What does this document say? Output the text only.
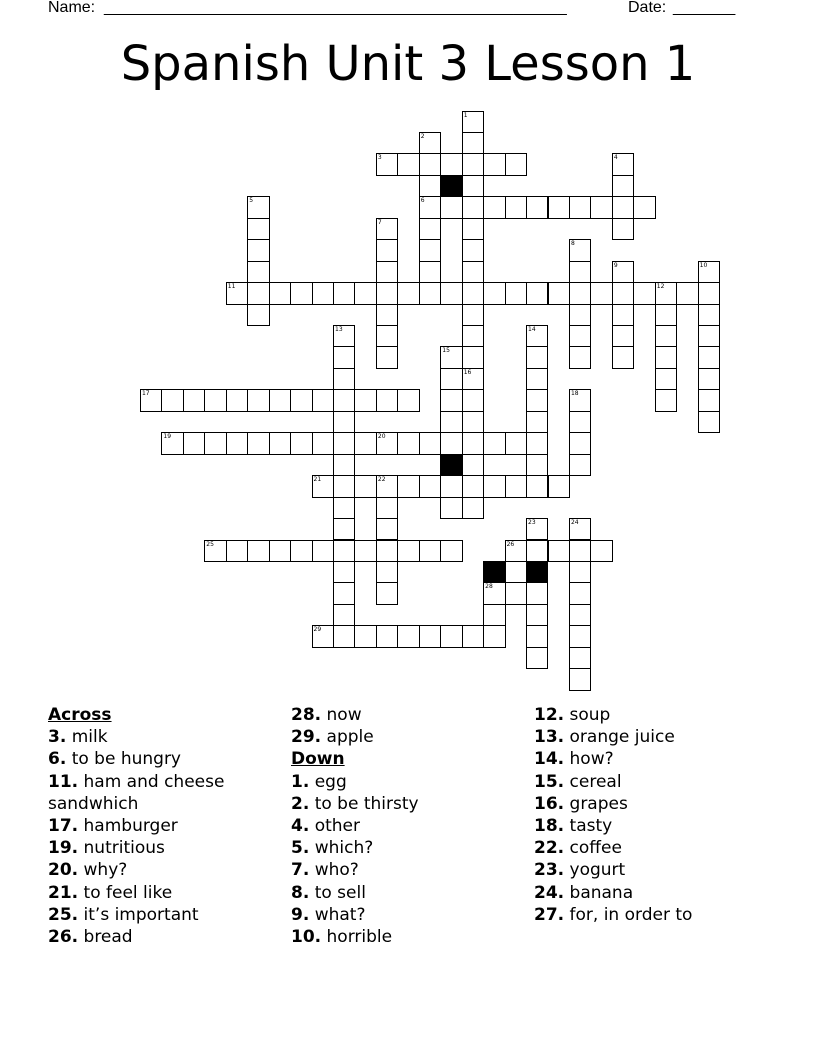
Name: ____________________________________________________	Date: _______
Spanish Unit 3 Lesson 1
1
2
3	4
5	6
7
8
9	10
11	12
13	14
15
16
17	18
19	20
21	22
23	24
25	26
27
28
29
Across
3. milk
6. to be hungry
11. ham and cheese sandwhich
17. hamburger
19. nutritious
20. why?
21. to feel like
25. it’s important
26. bread
28. now
29. apple
Down
1. egg
2. to be thirsty
4. other
5. which?
7. who?
8. to sell
9. what?
10. horrible
12. soup
13. orange juice
14. how?
15. cereal
16. grapes
18. tasty
22. coffee
23. yogurt
24. banana
27. for, in order to
